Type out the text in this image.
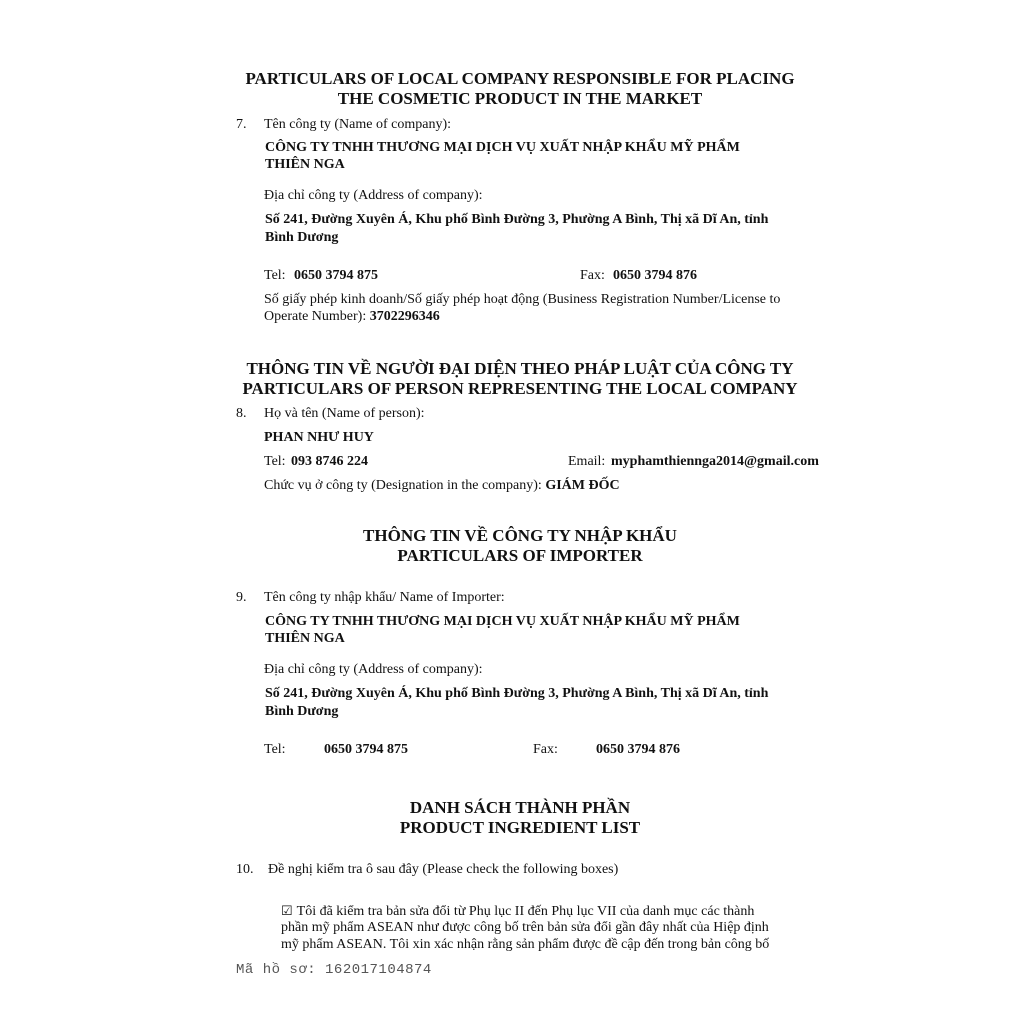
PARTICULARS OF LOCAL COMPANY RESPONSIBLE FOR PLACING
THE COSMETIC PRODUCT IN THE MARKET
7. Tên công ty (Name of company):
CÔNG TY TNHH THƯƠNG MẠI DỊCH VỤ XUẤT NHẬP KHẨU MỸ PHẨM
THIÊN NGA
Địa chỉ công ty (Address of company):
Số 241, Đường Xuyên Á, Khu phố Bình Đường 3, Phường A Bình, Thị xã Dĩ An, tỉnh
Bình Dương
Tel: 0650 3794 875	Fax: 0650 3794 876
Số giấy phép kinh doanh/Số giấy phép hoạt động (Business Registration Number/License to
Operate Number): 3702296346
THÔNG TIN VỀ NGƯỜI ĐẠI DIỆN THEO PHÁP LUẬT CỦA CÔNG TY
PARTICULARS OF PERSON REPRESENTING THE LOCAL COMPANY
8. Họ và tên (Name of person):
PHAN NHƯ HUY
Tel: 093 8746 224	Email: myphamthiennga2014@gmail.com
Chức vụ ở công ty (Designation in the company): GIÁM ĐỐC
THÔNG TIN VỀ CÔNG TY NHẬP KHẨU
PARTICULARS OF IMPORTER
9. Tên công ty nhập khẩu/ Name of Importer:
CÔNG TY TNHH THƯƠNG MẠI DỊCH VỤ XUẤT NHẬP KHẨU MỸ PHẨM
THIÊN NGA
Địa chỉ công ty (Address of company):
Số 241, Đường Xuyên Á, Khu phố Bình Đường 3, Phường A Bình, Thị xã Dĩ An, tỉnh
Bình Dương
Tel:	0650 3794 875	Fax:	0650 3794 876
DANH SÁCH THÀNH PHẦN
PRODUCT INGREDIENT LIST
10. Đề nghị kiểm tra ô sau đây (Please check the following boxes)
☑ Tôi đã kiểm tra bản sửa đổi từ Phụ lục II đến Phụ lục VII của danh mục các thành
phần mỹ phẩm ASEAN như được công bố trên bản sửa đổi gần đây nhất của Hiệp định
mỹ phẩm ASEAN. Tôi xin xác nhận rằng sản phẩm được đề cập đến trong bản công bố
Mã hồ sơ: 162017104874
